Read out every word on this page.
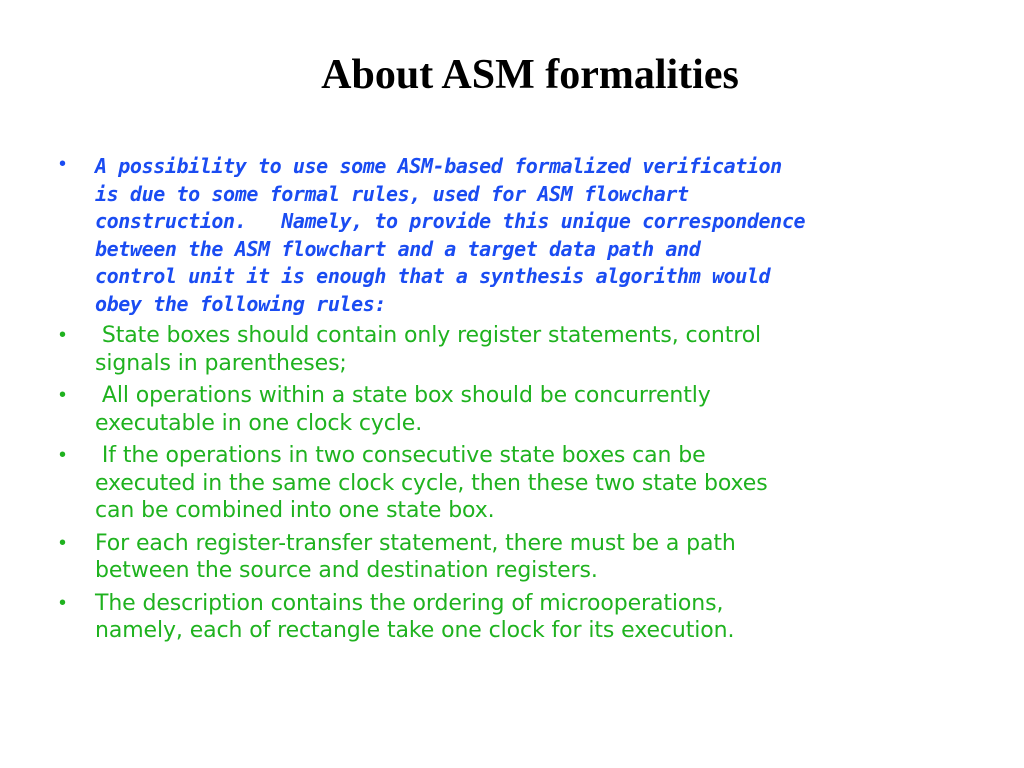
About ASM formalities
• A possibility to use some ASM-based formalized verification
is due to some formal rules, used for ASM flowchart
construction.   Namely, to provide this unique correspondence
between the ASM flowchart and a target data path and
control unit it is enough that a synthesis algorithm would
obey the following rules:
• State boxes should contain only register statements, control
signals in parentheses;
• All operations within a state box should be concurrently
executable in one clock cycle.
• If the operations in two consecutive state boxes can be
executed in the same clock cycle, then these two state boxes
can be combined into one state box.
• For each register-transfer statement, there must be a path
between the source and destination registers.
• The description contains the ordering of microoperations,
namely, each of rectangle take one clock for its execution.
